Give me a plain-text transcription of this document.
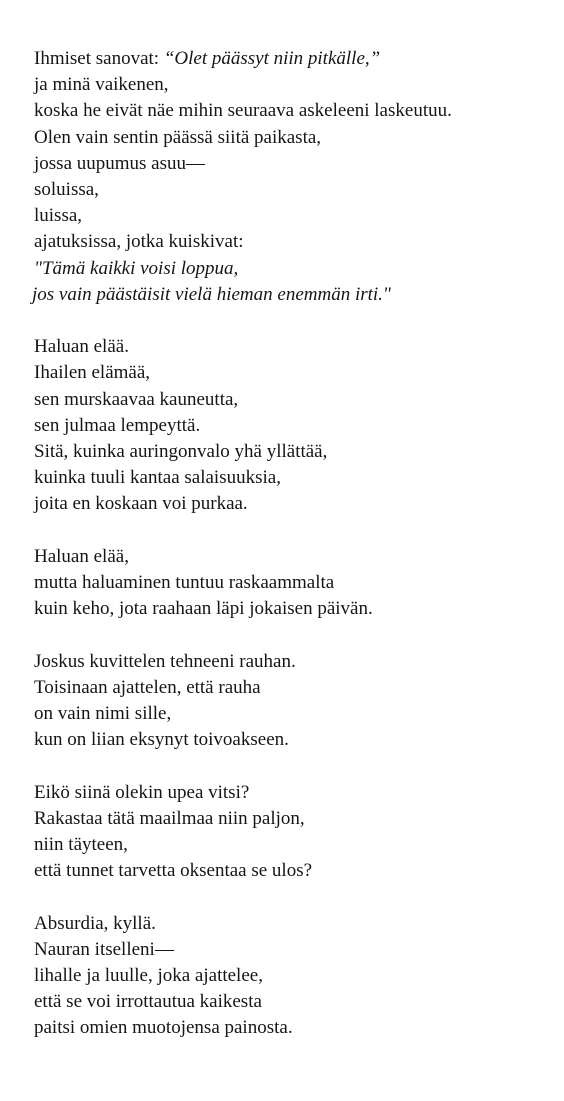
Ihmiset sanovat: “Olet päässyt niin pitkälle,”
ja minä vaikenen,
koska he eivät näe mihin seuraava askeleeni laskeutuu.
Olen vain sentin päässä siitä paikasta,
jossa uupumus asuu—
soluissa,
luissa,
ajatuksissa, jotka kuiskivat:
"Tämä kaikki voisi loppua,
jos vain päästäisit vielä hieman enemmän irti."
Haluan elää.
Ihailen elämää,
sen murskaavaa kauneutta,
sen julmaa lempeyttä.
Sitä, kuinka auringonvalo yhä yllättää,
kuinka tuuli kantaa salaisuuksia,
joita en koskaan voi purkaa.
Haluan elää,
mutta haluaminen tuntuu raskaammalta
kuin keho, jota raahaan läpi jokaisen päivän.
Joskus kuvittelen tehneeni rauhan.
Toisinaan ajattelen, että rauha
on vain nimi sille,
kun on liian eksynyt toivoakseen.
Eikö siinä olekin upea vitsi?
Rakastaa tätä maailmaa niin paljon,
niin täyteen,
että tunnet tarvetta oksentaa se ulos?
Absurdia, kyllä.
Nauran itselleni—
lihalle ja luulle, joka ajattelee,
että se voi irrottautua kaikesta
paitsi omien muotojensa painosta.
